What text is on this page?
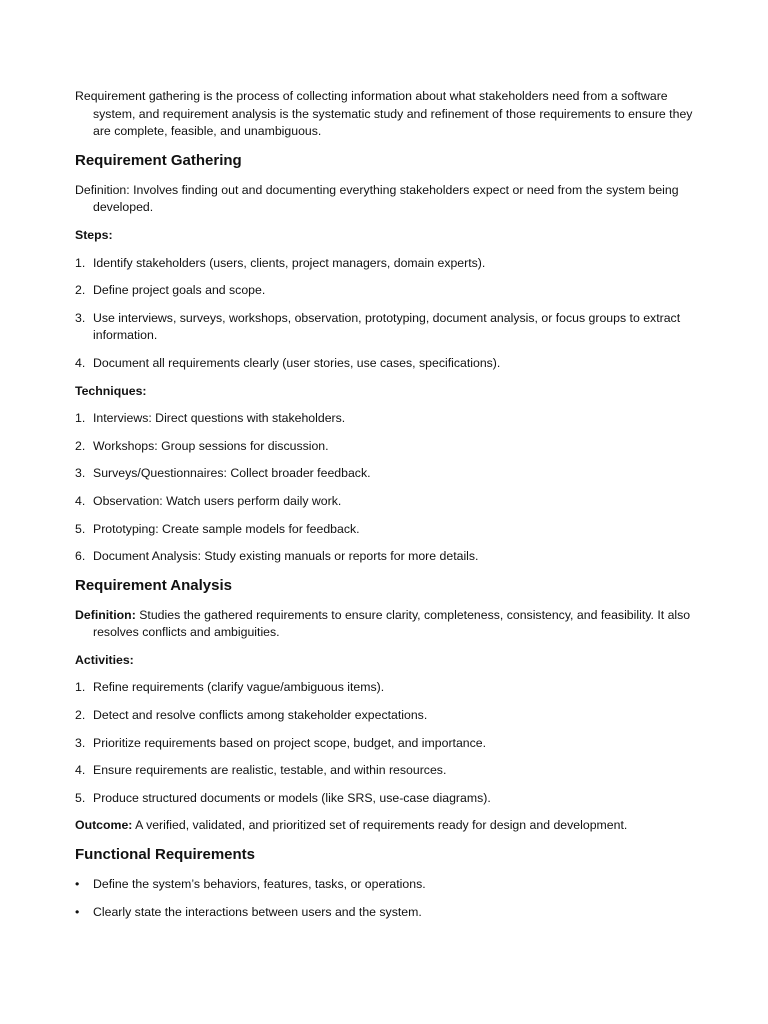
Requirement gathering is the process of collecting information about what stakeholders need from a software system, and requirement analysis is the systematic study and refinement of those requirements to ensure they are complete, feasible, and unambiguous.

Requirement Gathering

Definition: Involves finding out and documenting everything stakeholders expect or need from the system being developed.

Steps:

1. Identify stakeholders (users, clients, project managers, domain experts).
2. Define project goals and scope.
3. Use interviews, surveys, workshops, observation, prototyping, document analysis, or focus groups to extract information.
4. Document all requirements clearly (user stories, use cases, specifications).

Techniques:

1. Interviews: Direct questions with stakeholders.
2. Workshops: Group sessions for discussion.
3. Surveys/Questionnaires: Collect broader feedback.
4. Observation: Watch users perform daily work.
5. Prototyping: Create sample models for feedback.
6. Document Analysis: Study existing manuals or reports for more details.
Requirement Analysis

Definition: Studies the gathered requirements to ensure clarity, completeness, consistency, and feasibility. It also resolves conflicts and ambiguities.

Activities:

1. Refine requirements (clarify vague/ambiguous items).
2. Detect and resolve conflicts among stakeholder expectations.
3. Prioritize requirements based on project scope, budget, and importance.
4. Ensure requirements are realistic, testable, and within resources.
5. Produce structured documents or models (like SRS, use-case diagrams).

Outcome: A verified, validated, and prioritized set of requirements ready for design and development.

Functional Requirements
• Define the system’s behaviors, features, tasks, or operations.
• Clearly state the interactions between users and the system.
